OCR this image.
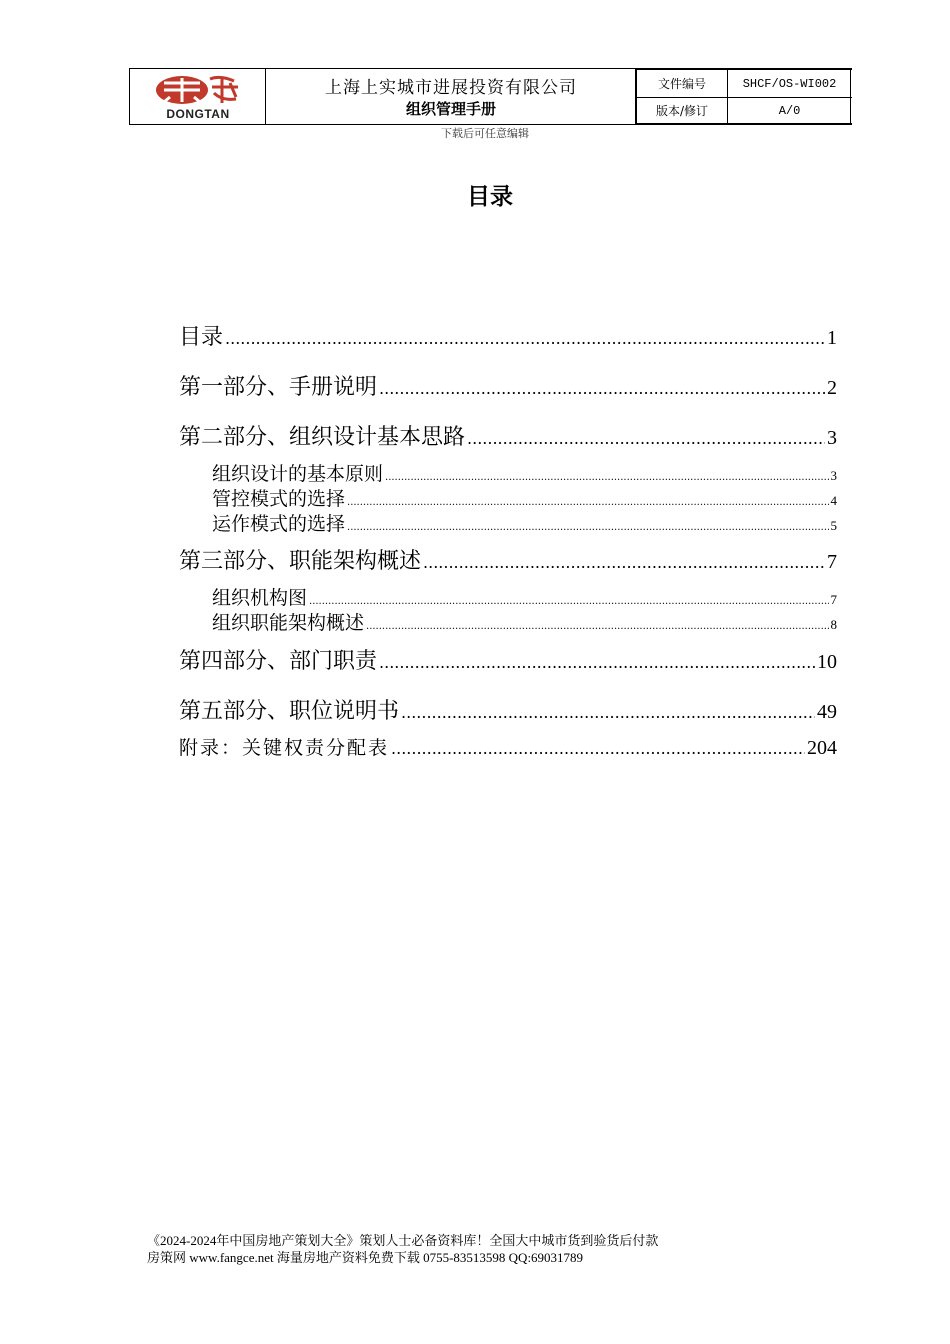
DONGTAN
上海上实城市进展投资有限公司
组织管理手册
文件编号	SHCF/OS-WI002
版本/修订	A/0
下载后可任意编辑
目录
目录 .....	1
第一部分、手册说明 .....	2
第二部分、组织设计基本思路 .....	3
组织设计的基本原则 .....	3
管控模式的选择 .....	4
运作模式的选择 .....	5
第三部分、职能架构概述 .....	7
组织机构图 .....	7
组织职能架构概述 .....	8
第四部分、部门职责 .....	10
第五部分、职位说明书 .....	49
附录：关键权责分配表 .....	204
《2024-2024年中国房地产策划大全》策划人士必备资料库！全国大中城市货到验货后付款
房策网 www.fangce.net 海量房地产资料免费下载 0755-83513598 QQ:69031789
